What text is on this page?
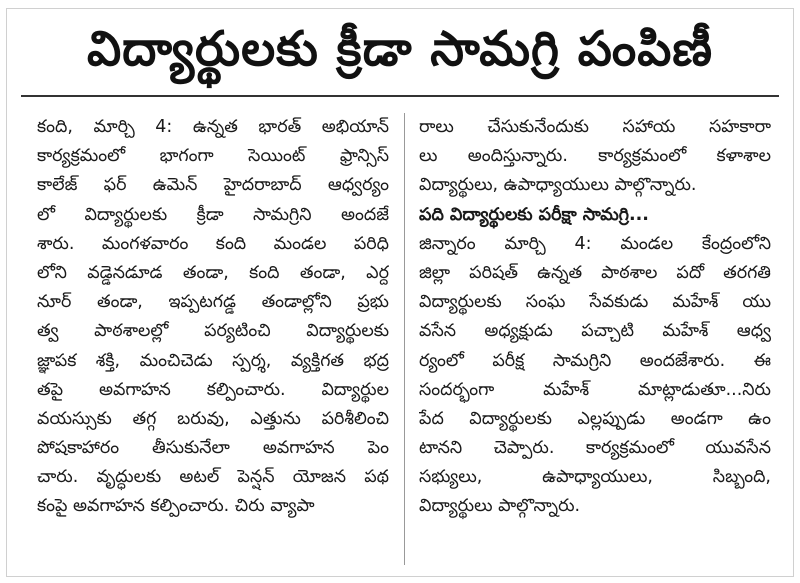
విద్యార్థులకు క్రీడా సామగ్రి పంపిణీ
కంది, మార్చి 4: ఉన్నత భారత్ అభియాన్
కార్యక్రమంలో భాగంగా సెయింట్ ఫ్రాన్సిస్
కాలేజ్ ఫర్ ఉమెన్ హైదరాబాద్ ఆధ్వర్యం
లో విద్యార్థులకు క్రీడా సామగ్రిని అందజే
శారు. మంగళవారం కంది మండల పరిధి
లోని వడ్డెనడూడ తండా, కంది తండా, ఎర్ద
నూర్ తండా, ఇప్పటగడ్డ తండాల్లోని ప్రభు
త్వ పాఠశాలల్లో పర్యటించి విద్యార్థులకు
జ్ఞాపక శక్తి, మంచిచెడు స్పర్శ, వ్యక్తిగత భద్ర
తపై అవగాహన కల్పించారు. విద్యార్థుల
వయస్సుకు తగ్గ బరువు, ఎత్తును పరిశీలించి
పోషకాహారం తీసుకునేలా అవగాహన పెం
చారు. వృద్ధులకు అటల్ పెన్షన్ యోజన పథ
కంపై అవగాహన కల్పించారు. చిరు వ్యాపా
రాలు చేసుకునేందుకు సహాయ సహకారా
లు అందిస్తున్నారు. కార్యక్రమంలో కళాశాల
విద్యార్థులు, ఉపాధ్యాయులు పాల్గొన్నారు.
పది విద్యార్థులకు పరీక్షా సామగ్రి...
జిన్నారం మార్చి 4: మండల కేంద్రంలోని
జిల్లా పరిషత్ ఉన్నత పాఠశాల పదో తరగతి
విద్యార్థులకు సంఘ సేవకుడు మహేశ్ యు
వసేన అధ్యక్షుడు పచ్చాటి మహేశ్ ఆధ్వ
ర్యంలో పరీక్ష సామగ్రిని అందజేశారు. ఈ
సందర్భంగా మహేశ్ మాట్లాడుతూ...నిరు
పేద విద్యార్థులకు ఎల్లప్పుడు అండగా ఉం
టానని చెప్పారు. కార్యక్రమంలో యువసేన
సభ్యులు, ఉపాధ్యాయులు, సిబ్బంది,
విద్యార్థులు పాల్గొన్నారు.
